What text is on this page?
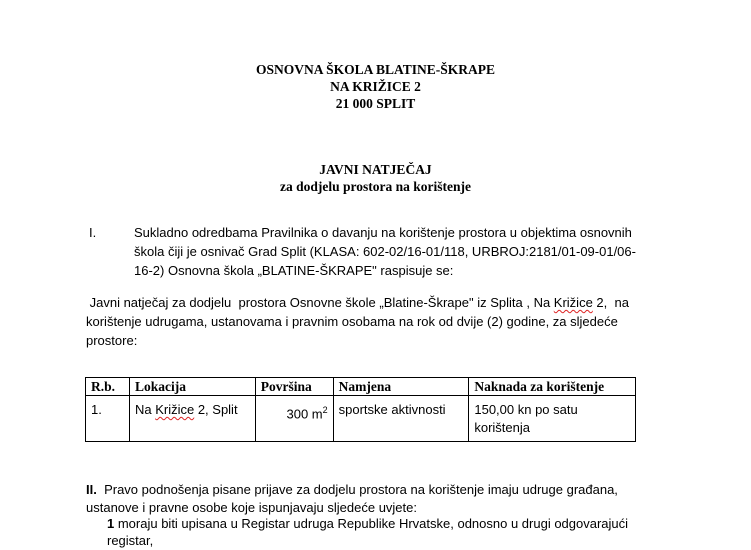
OSNOVNA ŠKOLA BLATINE-ŠKRAPE
NA KRIŽICE 2
21 000 SPLIT
JAVNI NATJEČAJ
za dodjelu prostora na korištenje
I.	Sukladno odredbama Pravilnika o davanju na korištenje prostora u objektima osnovnih
škola čiji je osnivač Grad Split (KLASA: 602-02/16-01/118, URBROJ:2181/01-09-01/06-
16-2) Osnovna škola „BLATINE-ŠKRAPE" raspisuje se:
Javni natječaj za dodjelu  prostora Osnovne škole „Blatine-Škrape" iz Splita , Na Križice 2,  na
korištenje udrugama, ustanovama i pravnim osobama na rok od dvije (2) godine, za sljedeće
prostore:
R.b.	Lokacija	Površina	Namjena	Naknada za korištenje
1.	Na Križice 2, Split	300 $m^2$	sportske aktivnosti	150,00 kn po satu
korištenja
II. Pravo podnošenja pisane prijave za dodjelu prostora na korištenje imaju udruge građana,
ustanove i pravne osobe koje ispunjavaju sljedeće uvjete:
1 moraju biti upisana u Registar udruga Republike Hrvatske, odnosno u drugi odgovarajući
registar,
